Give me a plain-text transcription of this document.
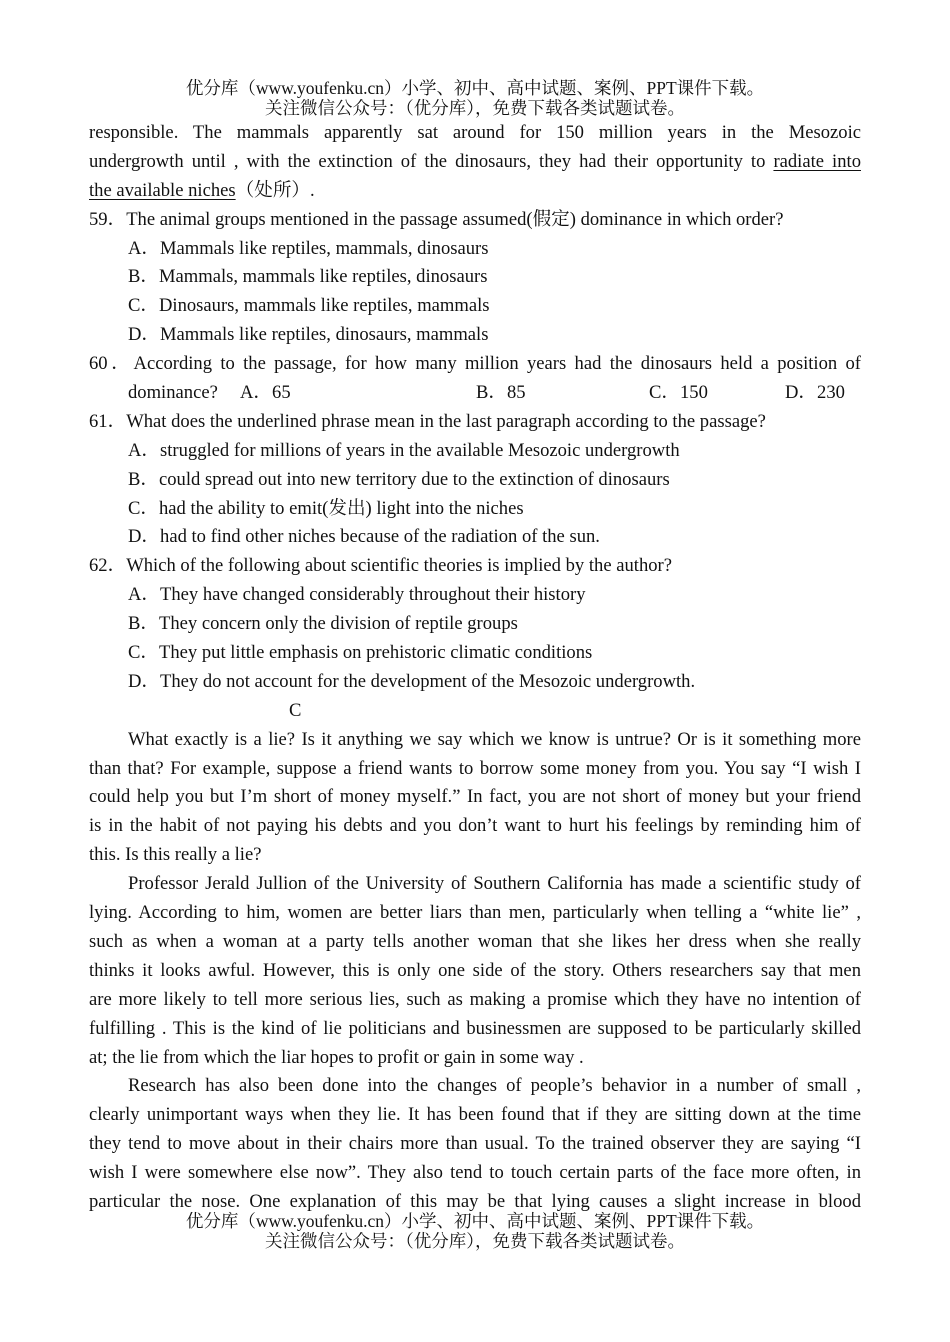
优分库（www.youfenku.cn）小学、初中、高中试题、案例、PPT课件下载。
关注微信公众号：（优分库），免费下载各类试题试卷。
responsible. The mammals apparently sat around for 150 million years in the Mesozoic
undergrowth until , with the extinction of the dinosaurs, they had their opportunity to radiate into
the available niches（处所）.
59．The animal groups mentioned in the passage assumed(假定) dominance in which order?
A．Mammals like reptiles, mammals, dinosaurs
B．Mammals, mammals like reptiles, dinosaurs
C．Dinosaurs, mammals like reptiles, mammals
D．Mammals like reptiles, dinosaurs, mammals
60．According to the passage, for how many million years had the dinosaurs held a position of
dominance? A．65	B．85	C．150	D．230
61．What does the underlined phrase mean in the last paragraph according to the passage?
A．struggled for millions of years in the available Mesozoic undergrowth
B．could spread out into new territory due to the extinction of dinosaurs
C．had the ability to emit(发出) light into the niches
D．had to find other niches because of the radiation of the sun.
62．Which of the following about scientific theories is implied by the author?
A．They have changed considerably throughout their history
B．They concern only the division of reptile groups
C．They put little emphasis on prehistoric climatic conditions
D．They do not account for the development of the Mesozoic undergrowth.
C
What exactly is a lie? Is it anything we say which we know is untrue? Or is it something more
than that? For example, suppose a friend wants to borrow some money from you. You say “I wish I
could help you but I’m short of money myself.” In fact, you are not short of money but your friend
is in the habit of not paying his debts and you don’t want to hurt his feelings by reminding him of
this. Is this really a lie?
Professor Jerald Jullion of the University of Southern California has made a scientific study of
lying. According to him, women are better liars than men, particularly when telling a “white lie” ,
such as when a woman at a party tells another woman that she likes her dress when she really
thinks it looks awful. However, this is only one side of the story. Others researchers say that men
are more likely to tell more serious lies, such as making a promise which they have no intention of
fulfilling . This is the kind of lie politicians and businessmen are supposed to be particularly skilled
at; the lie from which the liar hopes to profit or gain in some way .
Research has also been done into the changes of people’s behavior in a number of small ,
clearly unimportant ways when they lie. It has been found that if they are sitting down at the time
they tend to move about in their chairs more than usual. To the trained observer they are saying “I
wish I were somewhere else now”. They also tend to touch certain parts of the face more often, in
particular the nose. One explanation of this may be that lying causes a slight increase in blood
优分库（www.youfenku.cn）小学、初中、高中试题、案例、PPT课件下载。
关注微信公众号：（优分库），免费下载各类试题试卷。
